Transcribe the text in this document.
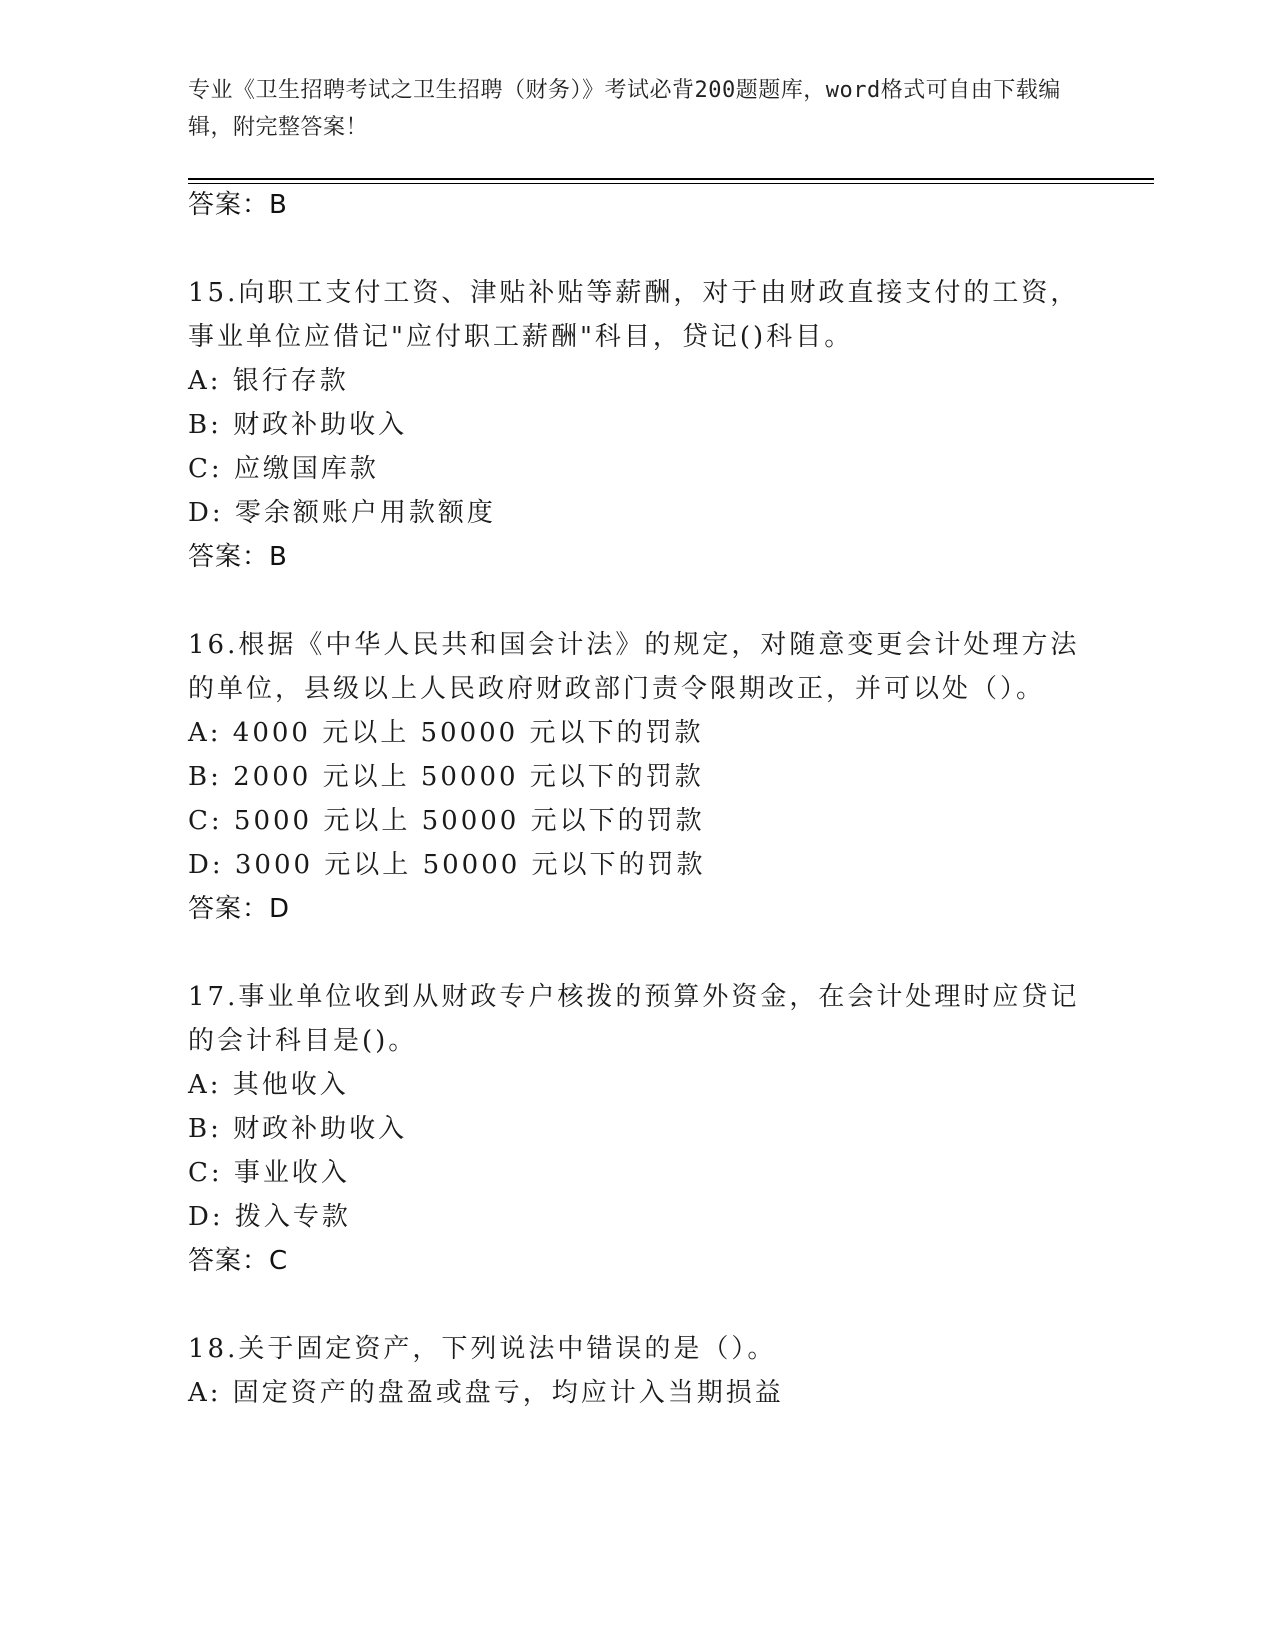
专业《卫生招聘考试之卫生招聘（财务）》考试必背200题题库，word格式可自由下载编辑，附完整答案！
答案：B
15.向职工支付工资、津贴补贴等薪酬，对于由财政直接支付的工资，
事业单位应借记"应付职工薪酬"科目，贷记()科目。
A: 银行存款
B: 财政补助收入
C: 应缴国库款
D: 零余额账户用款额度
答案：B
16.根据《中华人民共和国会计法》的规定，对随意变更会计处理方法
的单位，县级以上人民政府财政部门责令限期改正，并可以处（）。
A: 4000 元以上 50000 元以下的罚款
B: 2000 元以上 50000 元以下的罚款
C: 5000 元以上 50000 元以下的罚款
D: 3000 元以上 50000 元以下的罚款
答案：D
17.事业单位收到从财政专户核拨的预算外资金，在会计处理时应贷记
的会计科目是()。
A: 其他收入
B: 财政补助收入
C: 事业收入
D: 拨入专款
答案：C
18.关于固定资产，下列说法中错误的是（）。
A: 固定资产的盘盈或盘亏，均应计入当期损益
